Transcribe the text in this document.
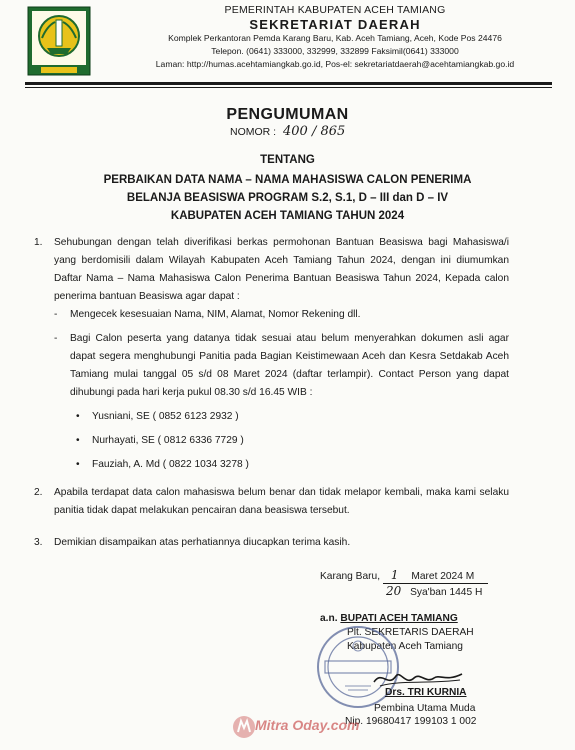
PEMERINTAH KABUPATEN ACEH TAMIANG
SEKRETARIAT DAERAH
Komplek Perkantoran Pemda Karang Baru, Kab. Aceh Tamiang, Aceh, Kode Pos 24476
Telepon. (0641) 333000, 332999, 332899 Faksimil(0641) 333000
Laman: http://humas.acehtamiangkab.go.id, Pos-el: sekretariatdaerah@acehtamiangkab.go.id
PENGUMUMAN
NOMOR : 400 / 865
TENTANG
PERBAIKAN DATA NAMA – NAMA MAHASISWA CALON PENERIMA
BELANJA BEASISWA PROGRAM S.2, S.1, D – III dan D – IV
KABUPATEN ACEH TAMIANG TAHUN 2024
1. Sehubungan dengan telah diverifikasi berkas permohonan Bantuan Beasiswa bagi Mahasiswa/i yang berdomisili dalam Wilayah Kabupaten Aceh Tamiang Tahun 2024, dengan ini diumumkan Daftar Nama – Nama Mahasiswa Calon Penerima Bantuan Beasiswa Tahun 2024, Kepada calon penerima bantuan Beasiswa agar dapat :
- Mengecek kesesuaian Nama, NIM, Alamat, Nomor Rekening dll.
- Bagi Calon peserta yang datanya tidak sesuai atau belum menyerahkan dokumen asli agar dapat segera menghubungi Panitia pada Bagian Keistimewaan Aceh dan Kesra Setdakab Aceh Tamiang mulai tanggal 05 s/d 08 Maret 2024 (daftar terlampir). Contact Person yang dapat dihubungi pada hari kerja pukul 08.30 s/d 16.45 WIB :
• Yusniani, SE ( 0852 6123 2932 )
• Nurhayati, SE ( 0812 6336 7729 )
• Fauziah, A. Md ( 0822 1034 3278 )
2. Apabila terdapat data calon mahasiswa belum benar dan tidak melapor kembali, maka kami selaku panitia tidak dapat melakukan pencairan dana beasiswa tersebut.
3. Demikian disampaikan atas perhatiannya diucapkan terima kasih.
Karang Baru, 1 Maret 2024 M
20 Sya'ban 1445 H
a.n. BUPATI ACEH TAMIANG
Plt. SEKRETARIS DAERAH
Kabupaten Aceh Tamiang
Drs. TRI KURNIA
Pembina Utama Muda
Nip. 19680417 199103 1 002
Mitra Oday.com
